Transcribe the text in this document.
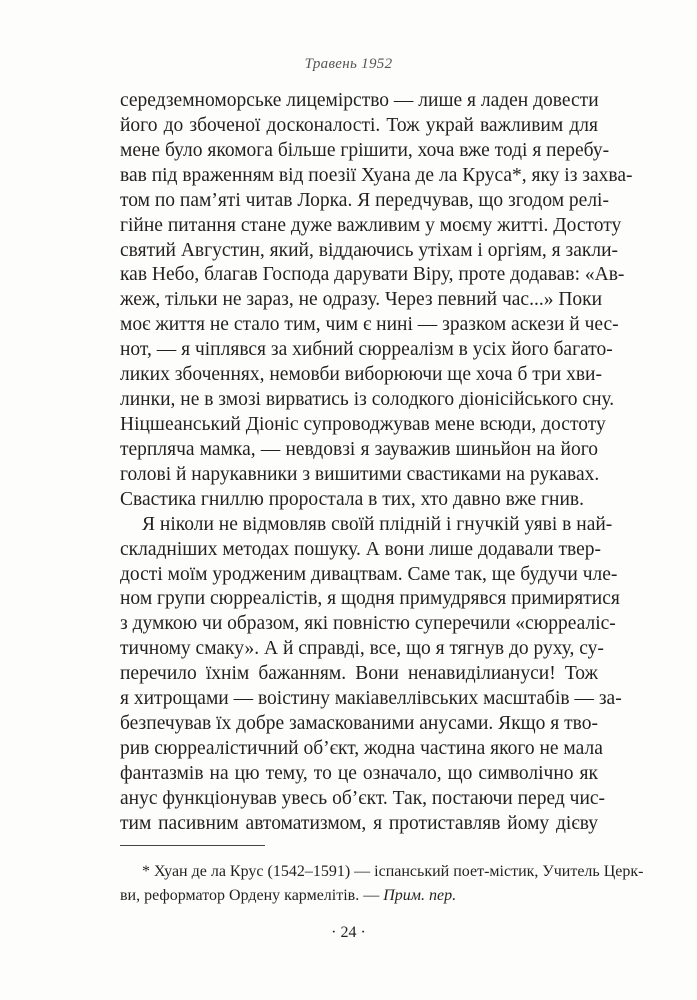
Травень 1952
середземноморське лицемірство — лише я ладен довести
його до збоченої досконалості. Тож украй важливим для
мене було якомога більше грішити, хоча вже тоді я перебу-
вав під враженням від поезії Хуана де ла Круса*, яку із захва-
том по пам’яті читав Лорка. Я передчував, що згодом релі-
гійне питання стане дуже важливим у моєму житті. Достоту
святий Августин, який, віддаючись утіхам і оргіям, я закли-
кав Небо, благав Господа дарувати Віру, проте додавав: «Ав-
жеж, тільки не зараз, не одразу. Через певний час...» Поки
моє життя не стало тим, чим є нині — зразком аскези й чес-
нот, — я чіплявся за хибний сюрреалізм в усіх його багато-
ликих збоченнях, немовби виборюючи ще хоча б три хви-
линки, не в змозі вирватись із солодкого діонісійського сну.
Ніцшеанський Діоніс супроводжував мене всюди, достоту
терпляча мамка, — невдовзі я зауважив шиньйон на його
голові й нарукавники з вишитими свастиками на рукавах.
Свастика гниллю проростала в тих, хто давно вже гнив.
Я ніколи не відмовляв своїй плідній і гнучкій уяві в най-
складніших методах пошуку. А вони лише додавали твер-
дості моїм уродженим дивацтвам. Саме так, ще будучи чле-
ном групи сюрреалістів, я щодня примудрявся примирятися
з думкою чи образом, які повністю суперечили «сюрреаліс-
тичному смаку». А й справді, все, що я тягнув до руху, су-
перечило їхнім бажанням. Вони ненавиділиануси! Тож
я хитрощами — воістину макіавеллівських масштабів — за-
безпечував їх добре замаскованими анусами. Якщо я тво-
рив сюрреалістичний об’єкт, жодна частина якого не мала
фантазмів на цю тему, то це означало, що символічно як
анус функціонував увесь об’єкт. Так, постаючи перед чис-
тим пасивним автоматизмом, я протиставляв йому дієву
* Хуан де ла Крус (1542–1591) — іспанський поет-містик, Учитель Церк-
ви, реформатор Ордену кармелітів. — Прим. пер.
· 24 ·
